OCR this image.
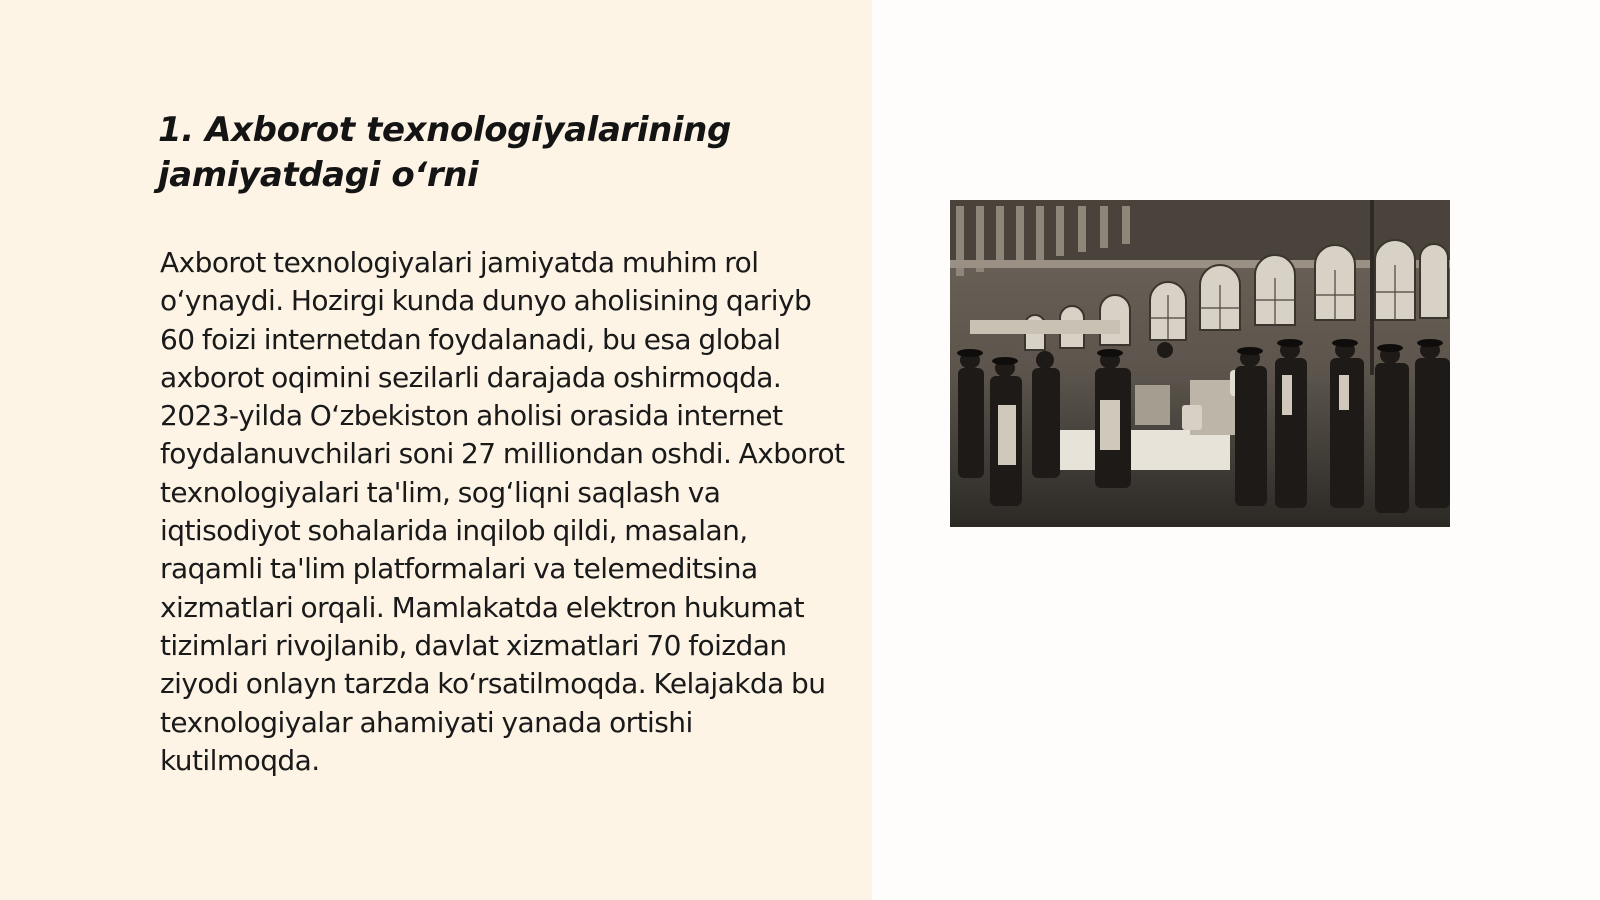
1. Axborot texnologiyalarining jamiyatdagi o‘rni

Axborot texnologiyalari jamiyatda muhim rol o‘ynaydi. Hozirgi kunda dunyo aholisining qariyb 60 foizi internetdan foydalanadi, bu esa global axborot oqimini sezilarli darajada oshirmoqda. 2023-yilda O‘zbekiston aholisi orasida internet foydalanuvchilari soni 27 milliondan oshdi. Axborot texnologiyalari ta'lim, sog‘liqni saqlash va iqtisodiyot sohalarida inqilob qildi, masalan, raqamli ta'lim platformalari va telemeditsina xizmatlari orqali. Mamlakatda elektron hukumat tizimlari rivojlanib, davlat xizmatlari 70 foizdan ziyodi onlayn tarzda ko‘rsatilmoqda. Kelajakda bu texnologiyalar ahamiyati yanada ortishi kutilmoqda.
